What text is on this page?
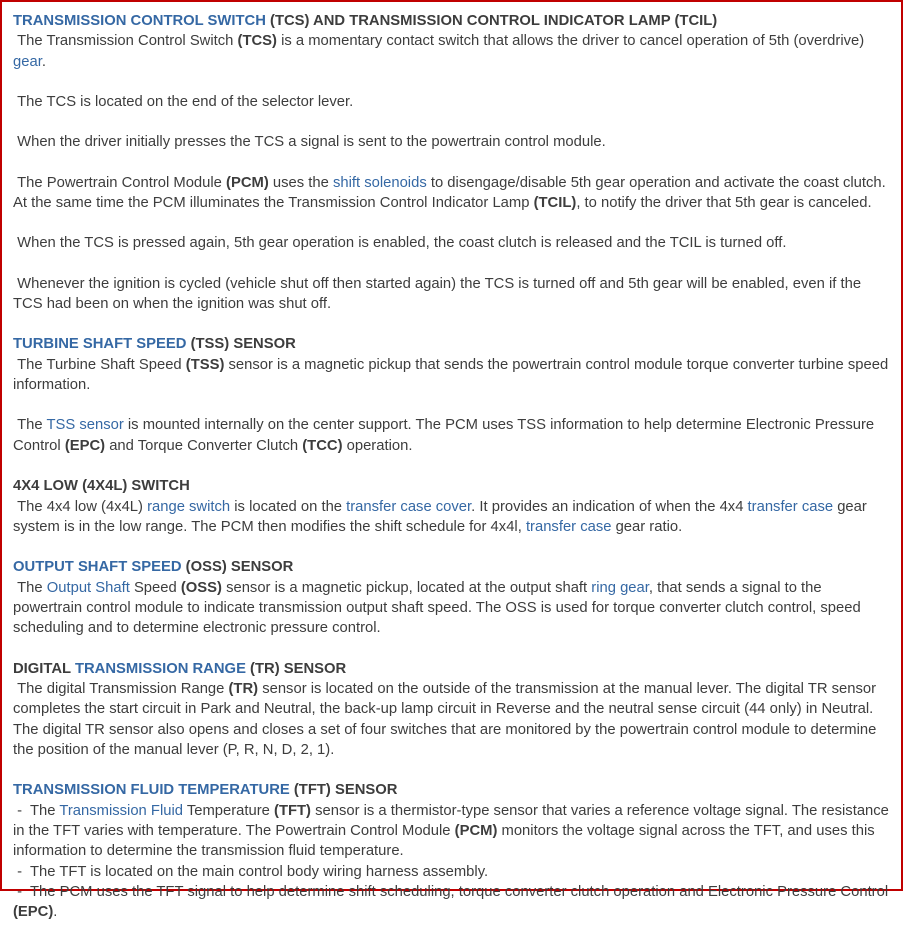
TRANSMISSION CONTROL SWITCH (TCS) AND TRANSMISSION CONTROL INDICATOR LAMP (TCIL)
The Transmission Control Switch (TCS) is a momentary contact switch that allows the driver to cancel operation of 5th (overdrive) gear.
The TCS is located on the end of the selector lever.
When the driver initially presses the TCS a signal is sent to the powertrain control module.
The Powertrain Control Module (PCM) uses the shift solenoids to disengage/disable 5th gear operation and activate the coast clutch. At the same time the PCM illuminates the Transmission Control Indicator Lamp (TCIL), to notify the driver that 5th gear is canceled.
When the TCS is pressed again, 5th gear operation is enabled, the coast clutch is released and the TCIL is turned off.
Whenever the ignition is cycled (vehicle shut off then started again) the TCS is turned off and 5th gear will be enabled, even if the TCS had been on when the ignition was shut off.
TURBINE SHAFT SPEED (TSS) SENSOR
The Turbine Shaft Speed (TSS) sensor is a magnetic pickup that sends the powertrain control module torque converter turbine speed information.
The TSS sensor is mounted internally on the center support. The PCM uses TSS information to help determine Electronic Pressure Control (EPC) and Torque Converter Clutch (TCC) operation.
4X4 LOW (4X4L) SWITCH
The 4x4 low (4x4L) range switch is located on the transfer case cover. It provides an indication of when the 4x4 transfer case gear system is in the low range. The PCM then modifies the shift schedule for 4x4l, transfer case gear ratio.
OUTPUT SHAFT SPEED (OSS) SENSOR
The Output Shaft Speed (OSS) sensor is a magnetic pickup, located at the output shaft ring gear, that sends a signal to the powertrain control module to indicate transmission output shaft speed. The OSS is used for torque converter clutch control, speed scheduling and to determine electronic pressure control.
DIGITAL TRANSMISSION RANGE (TR) SENSOR
The digital Transmission Range (TR) sensor is located on the outside of the transmission at the manual lever. The digital TR sensor completes the start circuit in Park and Neutral, the back-up lamp circuit in Reverse and the neutral sense circuit (44 only) in Neutral. The digital TR sensor also opens and closes a set of four switches that are monitored by the powertrain control module to determine the position of the manual lever (P, R, N, D, 2, 1).
TRANSMISSION FLUID TEMPERATURE (TFT) SENSOR
-  The Transmission Fluid Temperature (TFT) sensor is a thermistor-type sensor that varies a reference voltage signal. The resistance in the TFT varies with temperature. The Powertrain Control Module (PCM) monitors the voltage signal across the TFT, and uses this information to determine the transmission fluid temperature.
-  The TFT is located on the main control body wiring harness assembly.
-  The PCM uses the TFT signal to help determine shift scheduling, torque converter clutch operation and Electronic Pressure Control (EPC).
